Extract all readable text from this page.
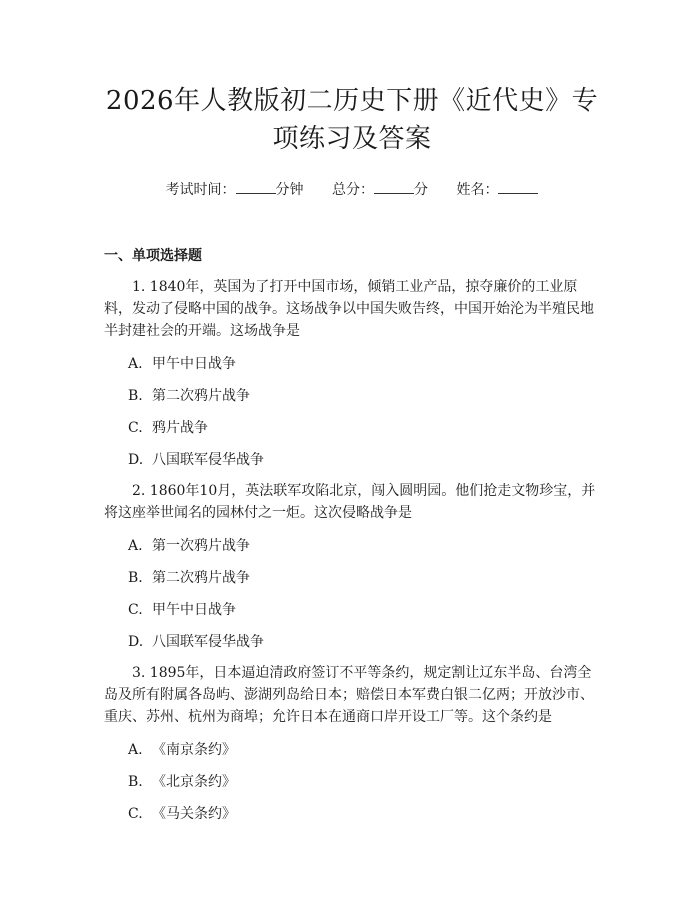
2026年人教版初二历史下册《近代史》专项练习及答案
考试时间：	分钟 总分：	分 姓名：
一、单项选择题

1. 1840年，英国为了打开中国市场，倾销工业产品，掠夺廉价的工业原料，发动了侵略中国的战争。这场战争以中国失败告终，中国开始沦为半殖民地半封建社会的开端。这场战争是

A. 甲午中日战争
B. 第二次鸦片战争
C. 鸦片战争
D. 八国联军侵华战争

2. 1860年10月，英法联军攻陷北京，闯入圆明园。他们抢走文物珍宝，并将这座举世闻名的园林付之一炬。这次侵略战争是

A. 第一次鸦片战争
B. 第二次鸦片战争
C. 甲午中日战争
D. 八国联军侵华战争

3. 1895年，日本逼迫清政府签订不平等条约，规定割让辽东半岛、台湾全岛及所有附属各岛屿、澎湖列岛给日本；赔偿日本军费白银二亿两；开放沙市、重庆、苏州、杭州为商埠；允许日本在通商口岸开设工厂等。这个条约是

A. 《南京条约》
B. 《北京条约》
C. 《马关条约》
